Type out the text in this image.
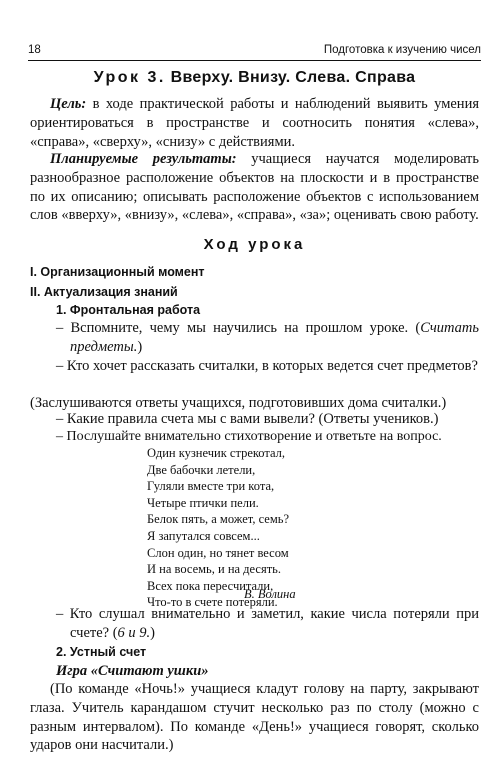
18	Подготовка к изучению чисел
Урок 3. Вверху. Внизу. Слева. Справа
Цель: в ходе практической работы и наблюдений выявить умения ориентироваться в пространстве и соотносить понятия «слева», «справа», «сверху», «снизу» с действиями.
Планируемые результаты: учащиеся научатся моделировать разнообразное расположение объектов на плоскости и в пространстве по их описанию; описывать расположение объектов с использованием слов «вверху», «внизу», «слева», «справа», «за»; оценивать свою работу.
Ход урока
I. Организационный момент
II. Актуализация знаний
1. Фронтальная работа
– Вспомните, чему мы научились на прошлом уроке. (Считать предметы.)
– Кто хочет рассказать считалки, в которых ведется счет предметов?
(Заслушиваются ответы учащихся, подготовивших дома считалки.)
– Какие правила счета мы с вами вывели? (Ответы учеников.)
– Послушайте внимательно стихотворение и ответьте на вопрос.
Один кузнечик стрекотал,
Две бабочки летели,
Гуляли вместе три кота,
Четыре птички пели.
Белок пять, а может, семь?
Я запутался совсем...
Слон один, но тянет весом
И на восемь, и на десять.
Всех пока пересчитали,
Что-то в счете потеряли.
В. Волина
– Кто слушал внимательно и заметил, какие числа потеряли при счете? (6 и 9.)
2. Устный счет
Игра «Считают ушки»
(По команде «Ночь!» учащиеся кладут голову на парту, закрывают глаза. Учитель карандашом стучит несколько раз по столу (можно с разным интервалом). По команде «День!» учащиеся говорят, сколько ударов они насчитали.)
